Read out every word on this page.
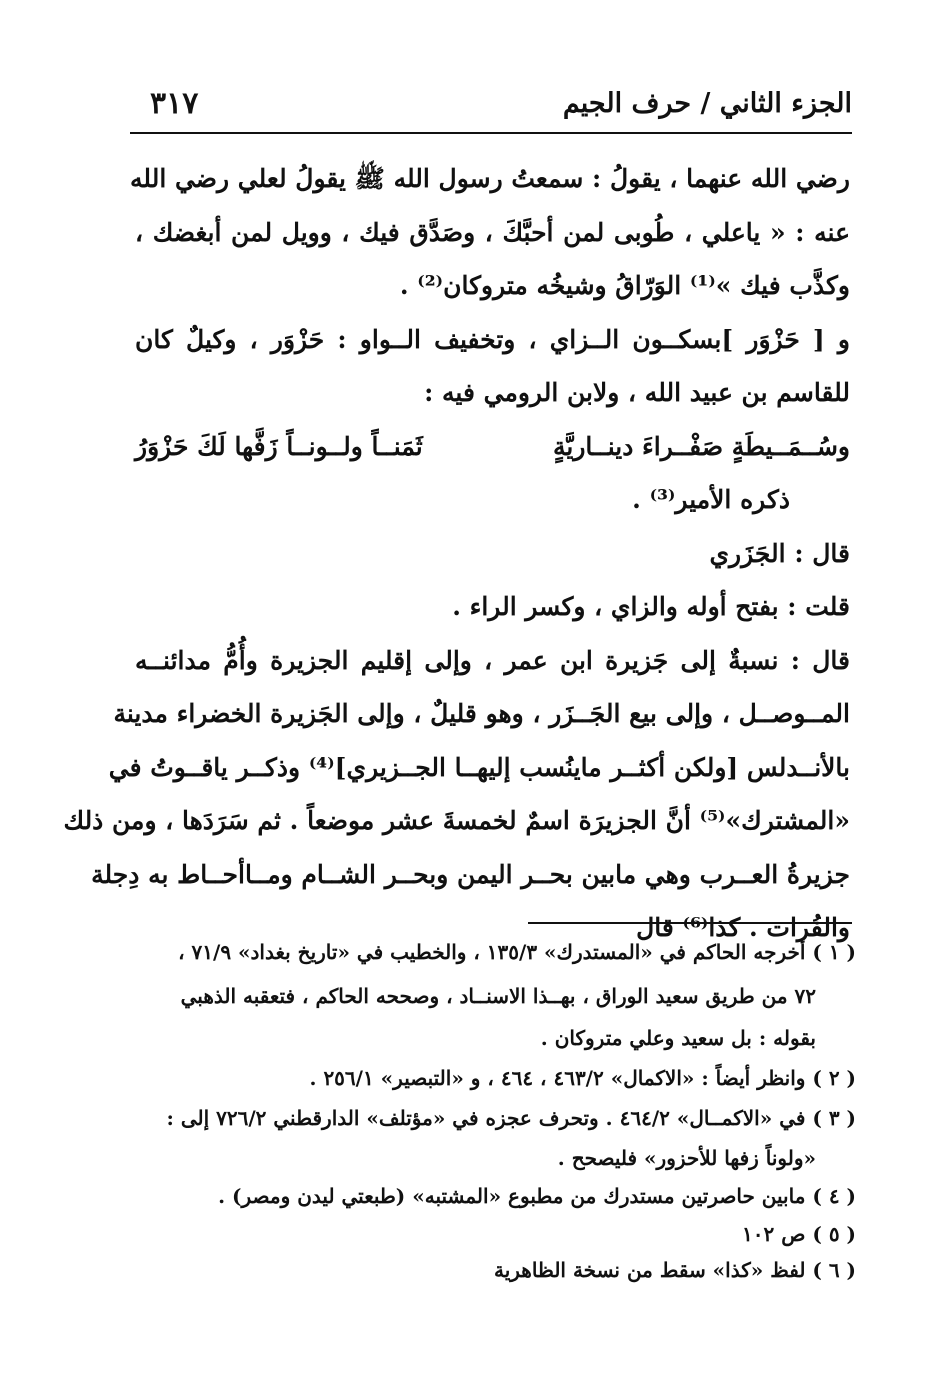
٣١٧	الجزء الثاني / حرف الجيم
رضي الله عنهما ، يقولُ : سمعتُ رسول الله ﷺ يقولُ لعلي رضي الله
عنه : « ياعلي ، طُوبى لمن أحبَّكَ ، وصَدَّق فيك ، وويل لمن أبغضك ،
وكذَّب فيك »⁽¹⁾ الوَرّاقُ وشيخُه متروكان⁽²⁾ .
و [ حَزْوَر ]بسكــون الــزاي ، وتخفيف الــواو : حَزْوَر ، وكيلٌ كان
للقاسم بن عبيد الله ، ولابن الرومي فيه :
وسُــمَــيطَةٍ صَفْــراءَ دينــاريَّةٍ
ثَمَنــاً ولــونــاً زَفَّها لَكَ حَزْوَرُ
ذكره الأمير⁽³⁾ .
قال : الجَزَري
قلت : بفتح أوله والزاي ، وكسر الراء .
قال : نسبةٌ إلى جَزيرة ابن عمر ، وإلى إقليم الجزيرة وأُمُّ مدائنــه
المــوصــل ، وإلى بيع الجَــزَر ، وهو قليلٌ ، وإلى الجَزيرة الخضراء مدينة
بالأنــدلس [ولكن أكثــر ماينُسب إليهــا الجــزيري]⁽⁴⁾ وذكــر ياقــوتُ في
«المشترك»⁽⁵⁾ أنَّ الجزيرَة اسمٌ لخمسةَ عشر موضعاً . ثم سَرَدَها ، ومن ذلك
جزيرةُ العــرب وهي مابين بحــر اليمن وبحــر الشــام ومــاأحــاط به دِجلة
والفُرات . كذا⁽⁶⁾ قال
( ١ ) أخرجه الحاكم في «المستدرك» ١٣٥/٣ ، والخطيب في «تاريخ بغداد» ٧١/٩ ،
٧٢ من طريق سعيد الوراق ، بهــذا الاسنــاد ، وصححه الحاكم ، فتعقبه الذهبي
بقوله : بل سعيد وعلي متروكان .
( ٢ ) وانظر أيضاً : «الاكمال» ٤٦٣/٢ ، ٤٦٤ ، و «التبصير» ٢٥٦/١ .
( ٣ ) في «الاكمــال» ٤٦٤/٢ . وتحرف عجزه في «مؤتلف» الدارقطني ٧٢٦/٢ إلى :
«ولوناً زفها للأحزور» فليصحح .
( ٤ ) مابين حاصرتين مستدرك من مطبوع «المشتبه» (طبعتي ليدن ومصر) .
( ٥ ) ص ١٠٢
( ٦ ) لفظ «كذا» سقط من نسخة الظاهرية
